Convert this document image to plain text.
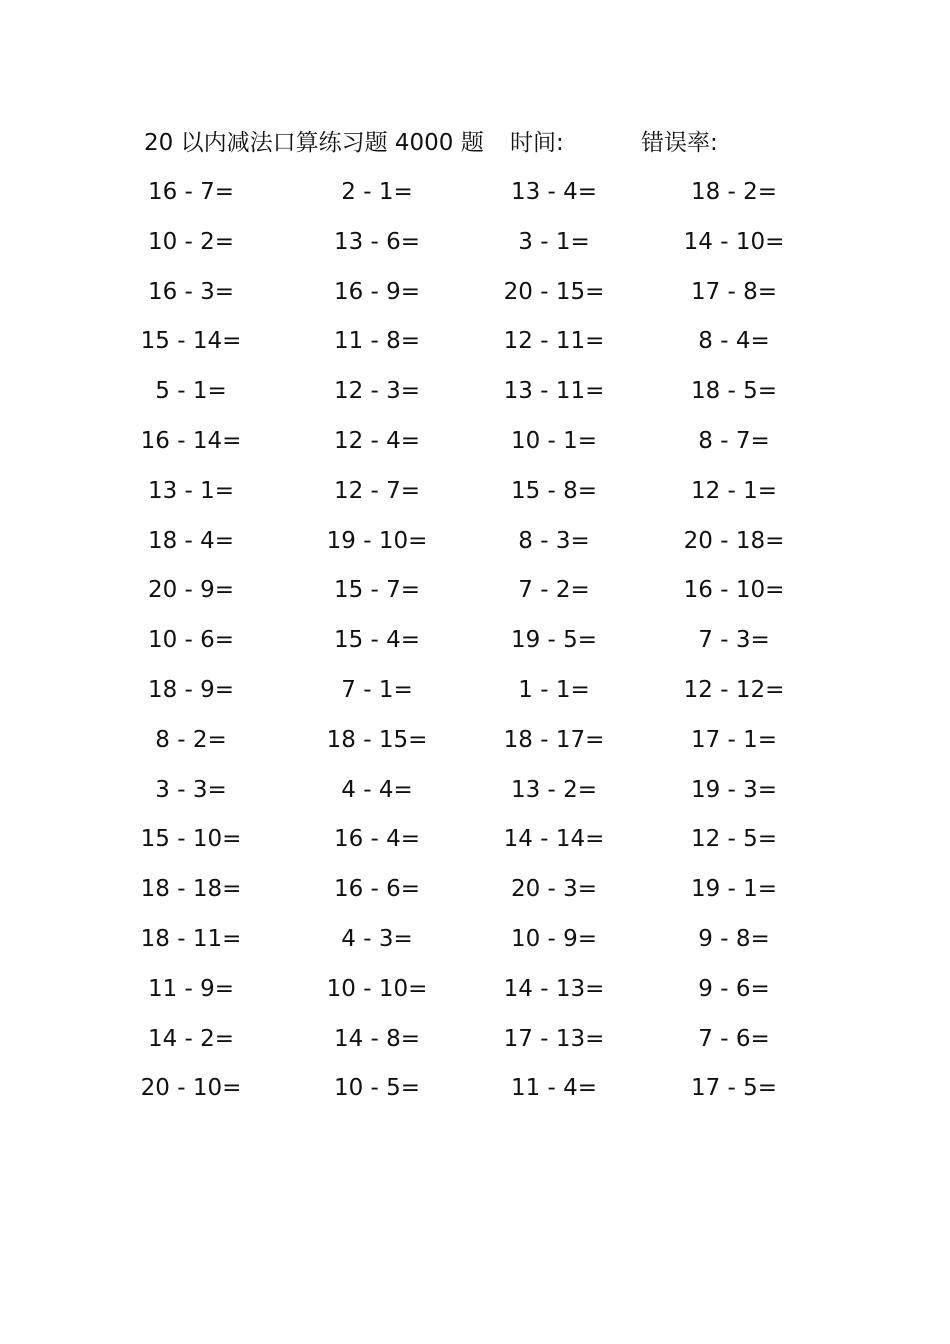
20 以内减法口算练习题 4000 题 时间:	错误率:
16 - 7=	2 - 1=	13 - 4=	18 - 2=
10 - 2=	13 - 6=	3 - 1=	14 - 10=
16 - 3=	16 - 9=	20 - 15=	17 - 8=
15 - 14=	11 - 8=	12 - 11=	8 - 4=
5 - 1=	12 - 3=	13 - 11=	18 - 5=
16 - 14=	12 - 4=	10 - 1=	8 - 7=
13 - 1=	12 - 7=	15 - 8=	12 - 1=
18 - 4=	19 - 10=	8 - 3=	20 - 18=
20 - 9=	15 - 7=	7 - 2=	16 - 10=
10 - 6=	15 - 4=	19 - 5=	7 - 3=
18 - 9=	7 - 1=	1 - 1=	12 - 12=
8 - 2=	18 - 15=	18 - 17=	17 - 1=
3 - 3=	4 - 4=	13 - 2=	19 - 3=
15 - 10=	16 - 4=	14 - 14=	12 - 5=
18 - 18=	16 - 6=	20 - 3=	19 - 1=
18 - 11=	4 - 3=	10 - 9=	9 - 8=
11 - 9=	10 - 10=	14 - 13=	9 - 6=
14 - 2=	14 - 8=	17 - 13=	7 - 6=
20 - 10=	10 - 5=	11 - 4=	17 - 5=
